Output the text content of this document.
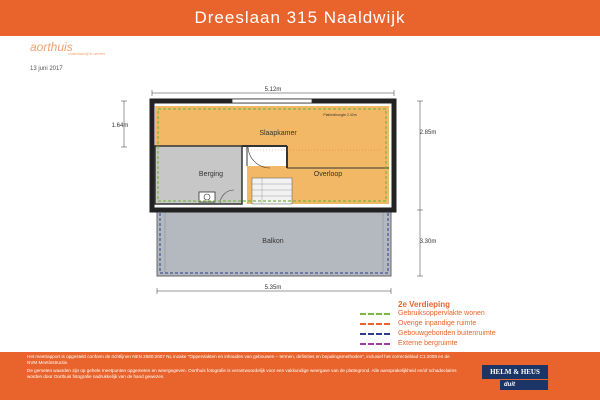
Dreeslaan 315 Naaldwijk
aorthuis
makelaardij & wonen
13 juni 2017
Slaapkamer
Berging	Overloop
Balkon
Plafondhoogte 2.42m
5.12m
1.64m
2.85m
3.30m
5.35m
2e Verdieping
Gebruiksoppervlakte wonen
Overige inpandige ruimte
Gebouwgebonden buitenruimte
Externe bergruimte

Het meetrapport is opgesteld conform de richtlijnen NEN 2580:2007 NL inzake "Oppervlakten en inhouden van gebouwen – termen, definities en bepalingsmethoden", inclusief het correctieblad C1:2008 en de NVM Meetinstructie.

De gemeten waarden zijn op gehele meetpunten opgemeten en weergegeven. Oorthuis fotografie is verantwoordelijk voor een vakkundige weergave van de plattegrond. Alle aansprakelijkheid en/of schadeclaims worden door Oorthuis fotografie nadrukkelijk van de hand gewezen.

HELM & HEUS
duit
